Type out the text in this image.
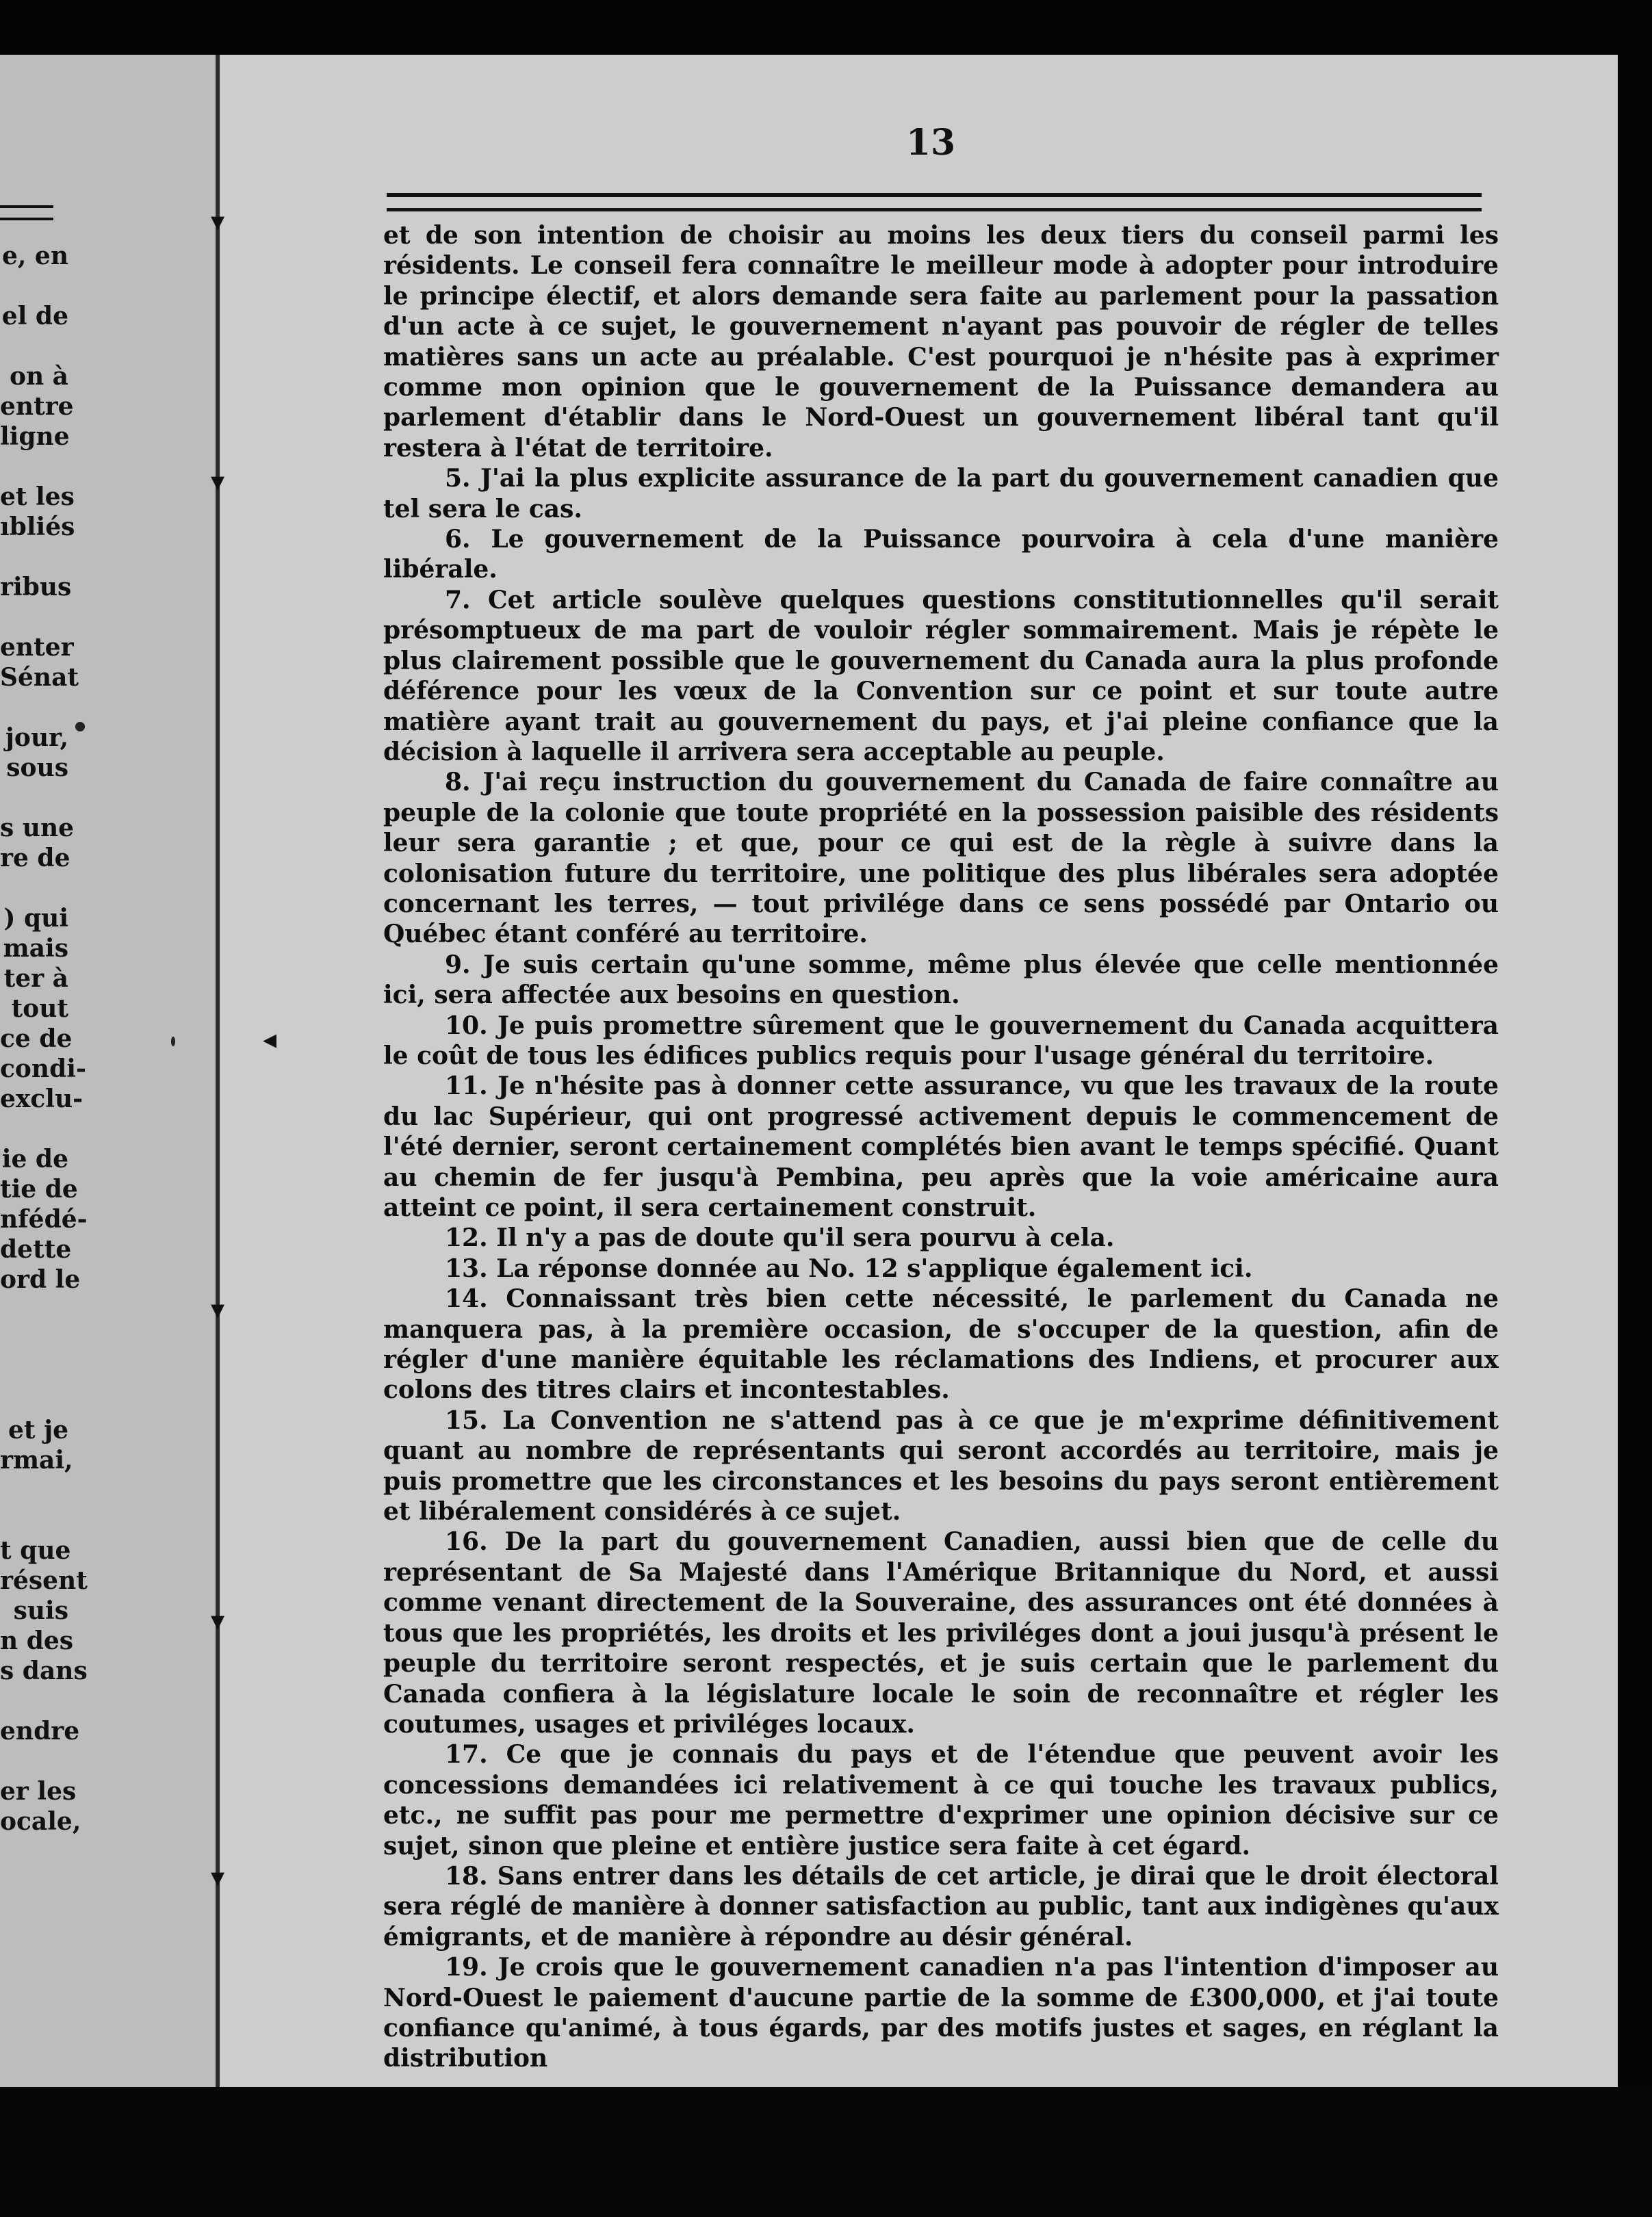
e, en
el de
on à
entre
ligne
et les
ıbliés
ribus
enter
Sénat
jour,
sous
s une
re de
) qui
mais
ter à
tout
ce de
condi-
exclu-
ie de
tie de
nfédé-
dette
ord le
et je
rmai,
t que
résent
suis
n des
s dans
endre
er les
ocale,
13

et de son intention de choisir au moins les deux tiers du conseil parmi les résidents. Le conseil fera connaître le meilleur mode à adopter pour introduire le principe électif, et alors demande sera faite au parlement pour la passation d'un acte à ce sujet, le gouvernement n'ayant pas pouvoir de régler de telles matières sans un acte au préalable. C'est pourquoi je n'hésite pas à exprimer comme mon opinion que le gouvernement de la Puissance demandera au parlement d'établir dans le Nord-Ouest un gouvernement libéral tant qu'il restera à l'état de territoire.

5. J'ai la plus explicite assurance de la part du gouvernement canadien que tel sera le cas.

6. Le gouvernement de la Puissance pourvoira à cela d'une manière libérale.

7. Cet article soulève quelques questions constitutionnelles qu'il serait présomptueux de ma part de vouloir régler sommairement. Mais je répète le plus clairement possible que le gouvernement du Canada aura la plus profonde déférence pour les vœux de la Convention sur ce point et sur toute autre matière ayant trait au gouvernement du pays, et j'ai pleine confiance que la décision à laquelle il arrivera sera acceptable au peuple.

8. J'ai reçu instruction du gouvernement du Canada de faire connaître au peuple de la colonie que toute propriété en la possession paisible des résidents leur sera garantie ; et que, pour ce qui est de la règle à suivre dans la colonisation future du territoire, une politique des plus libérales sera adoptée concernant les terres, — tout privilége dans ce sens possédé par Ontario ou Québec étant conféré au territoire.

9. Je suis certain qu'une somme, même plus élevée que celle mentionnée ici, sera affectée aux besoins en question.

10. Je puis promettre sûrement que le gouvernement du Canada acquittera le coût de tous les édifices publics requis pour l'usage général du territoire.

11. Je n'hésite pas à donner cette assurance, vu que les travaux de la route du lac Supérieur, qui ont progressé activement depuis le commencement de l'été dernier, seront certainement complétés bien avant le temps spécifié. Quant au chemin de fer jusqu'à Pembina, peu après que la voie américaine aura atteint ce point, il sera certainement construit.

12. Il n'y a pas de doute qu'il sera pourvu à cela.

13. La réponse donnée au No. 12 s'applique également ici.

14. Connaissant très bien cette nécessité, le parlement du Canada ne manquera pas, à la première occasion, de s'occuper de la question, afin de régler d'une manière équitable les réclamations des Indiens, et procurer aux colons des titres clairs et incontestables.

15. La Convention ne s'attend pas à ce que je m'exprime définitivement quant au nombre de représentants qui seront accordés au territoire, mais je puis promettre que les circonstances et les besoins du pays seront entièrement et libéralement considérés à ce sujet.

16. De la part du gouvernement Canadien, aussi bien que de celle du représentant de Sa Majesté dans l'Amérique Britannique du Nord, et aussi comme venant directement de la Souveraine, des assurances ont été données à tous que les propriétés, les droits et les priviléges dont a joui jusqu'à présent le peuple du territoire seront respectés, et je suis certain que le parlement du Canada confiera à la législature locale le soin de reconnaître et régler les coutumes, usages et priviléges locaux.

17. Ce que je connais du pays et de l'étendue que peuvent avoir les concessions demandées ici relativement à ce qui touche les travaux publics, etc., ne suffit pas pour me permettre d'exprimer une opinion décisive sur ce sujet, sinon que pleine et entière justice sera faite à cet égard.

18. Sans entrer dans les détails de cet article, je dirai que le droit électoral sera réglé de manière à donner satisfaction au public, tant aux indigènes qu'aux émigrants, et de manière à répondre au désir général.

19. Je crois que le gouvernement canadien n'a pas l'intention d'imposer au Nord-Ouest le paiement d'aucune partie de la somme de £300,000, et j'ai toute confiance qu'animé, à tous égards, par des motifs justes et sages, en réglant la distribution

▾
▾
◂
▾
▾
▾
